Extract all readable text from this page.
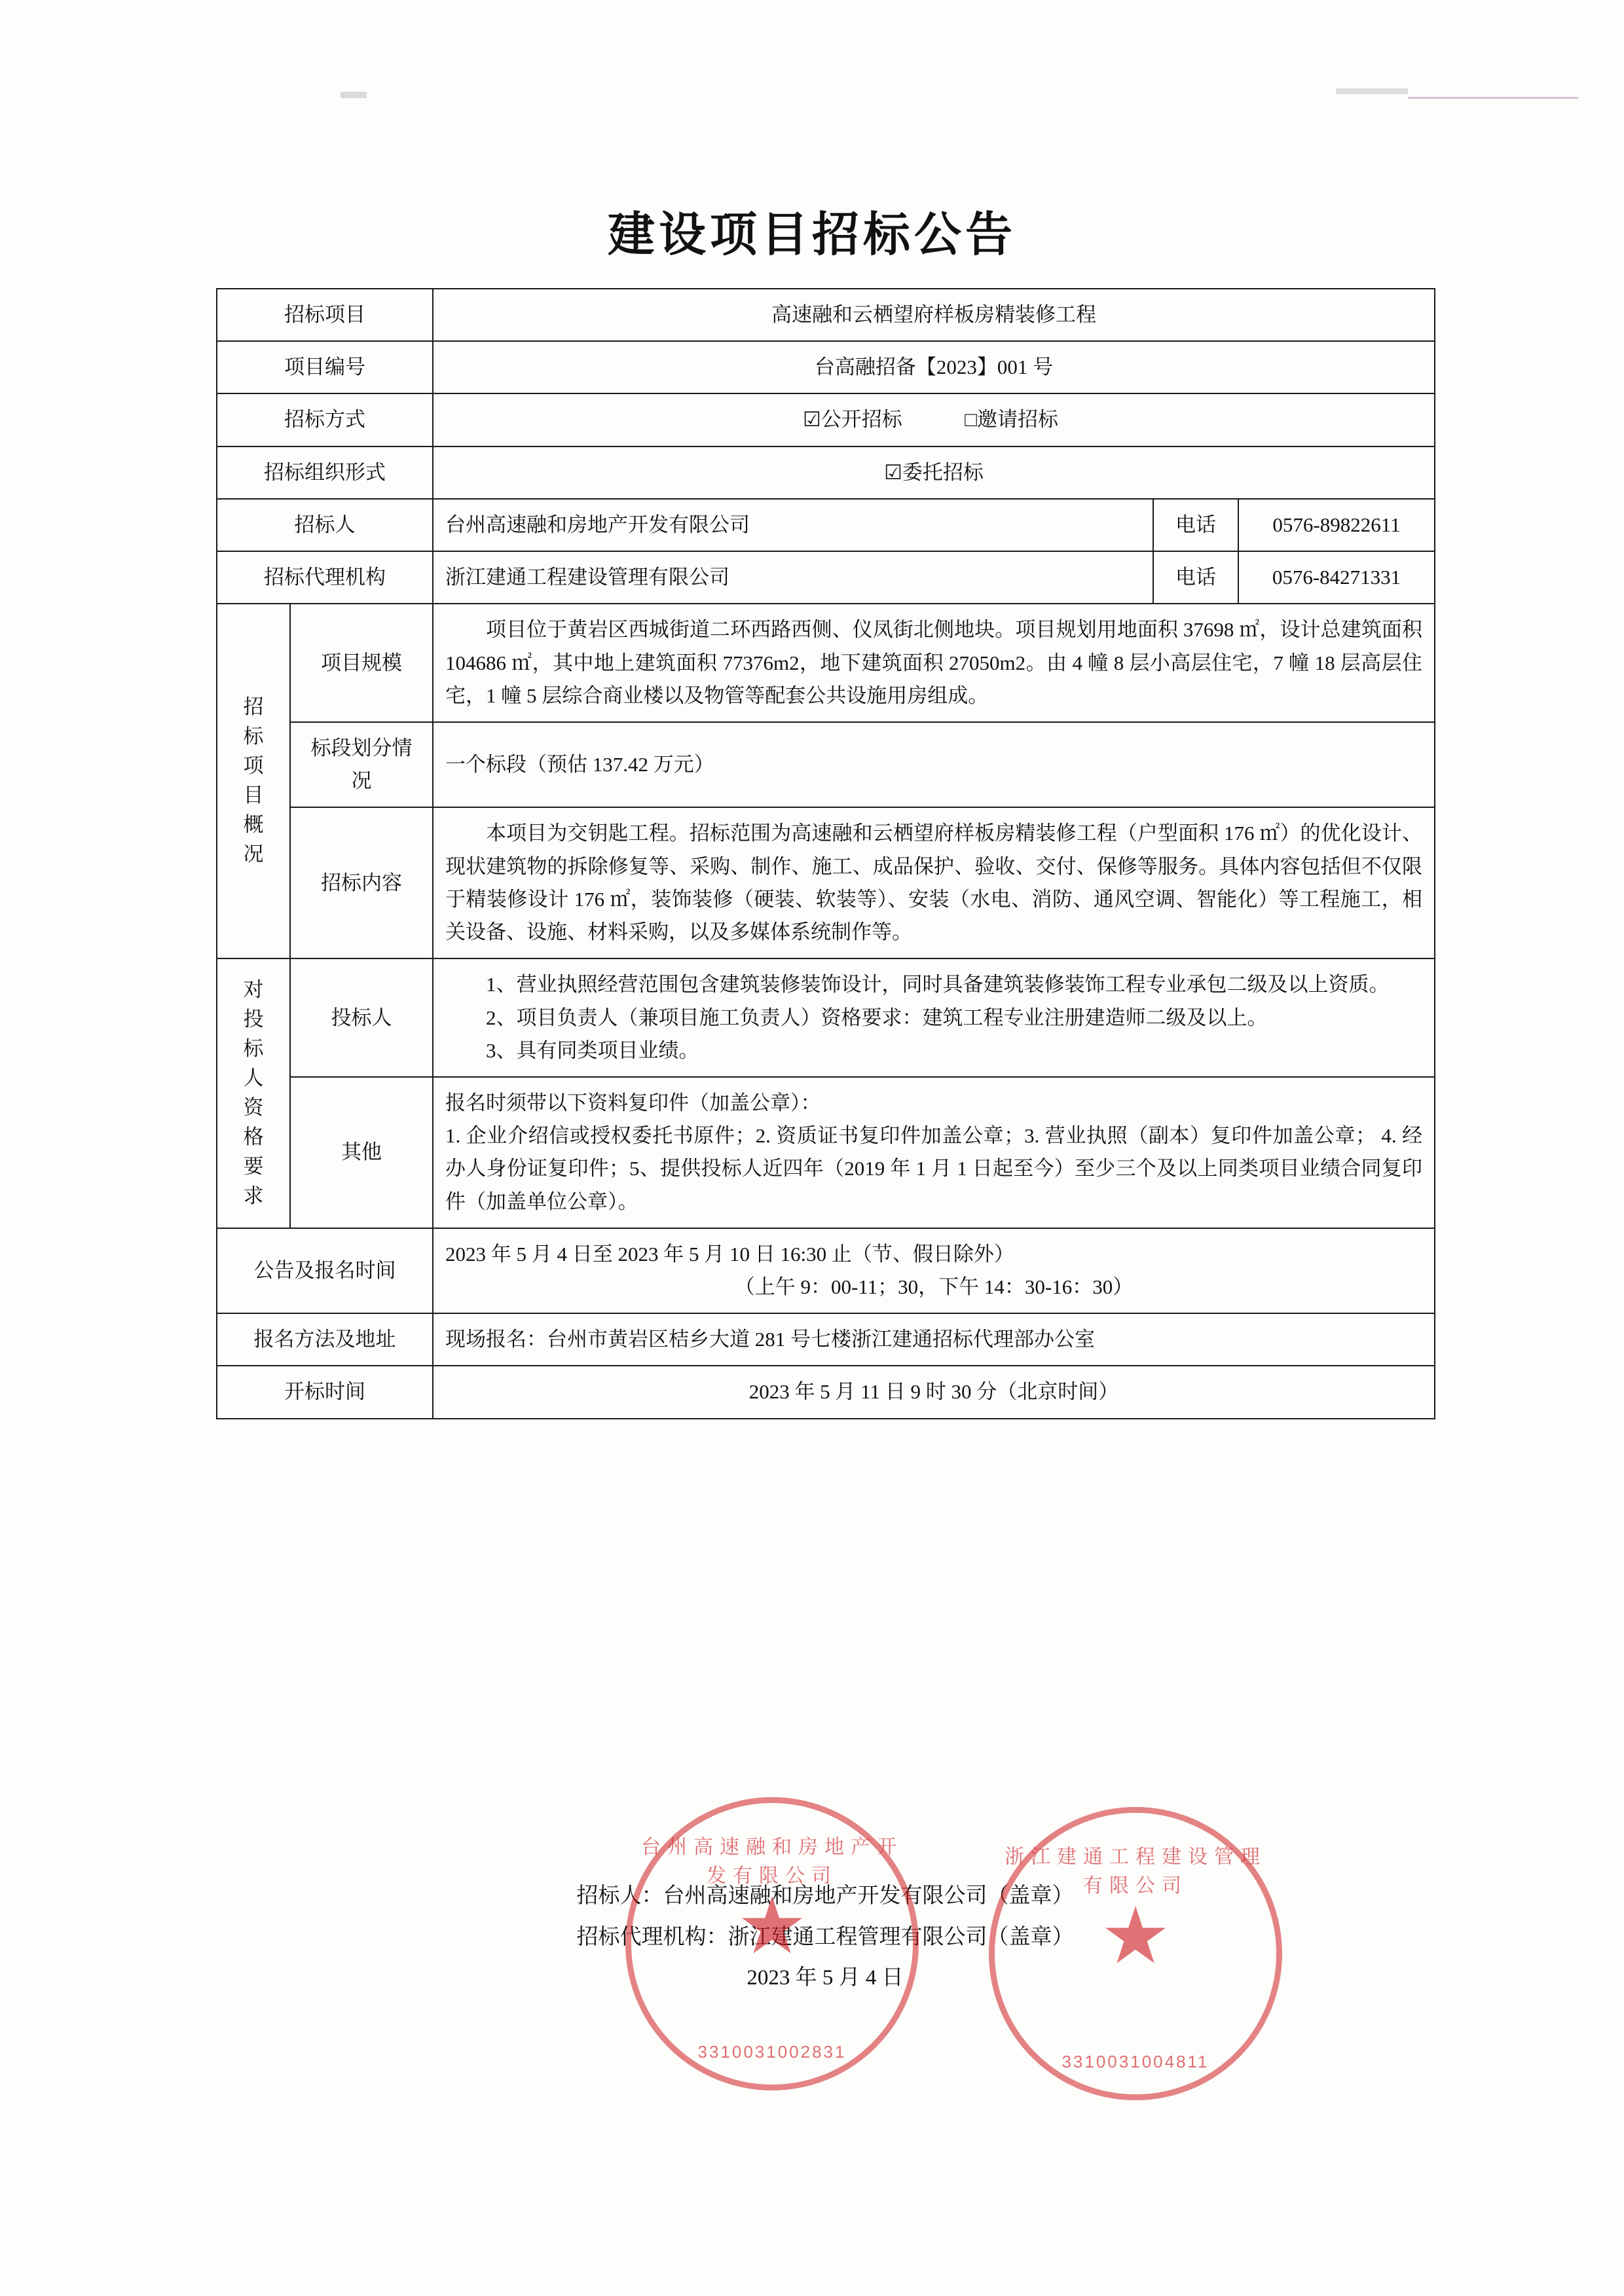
建设项目招标公告
招标项目		高速融和云栖望府样板房精装修工程		
项目编号		台高融招备【2023】001 号		
招标方式		☑公开招标 □邀请招标		
招标组织形式		☑委托招标		
招标人		台州高速融和房地产开发有限公司	电话	0576-89822611
招标代理机构		浙江建通工程建设管理有限公司	电话	0576-84271331

招标项目概况	项目规模	项目位于黄岩区西城街道二环西路西侧、仪凤街北侧地块。项目规划用地面积 37698 ㎡，设计总建筑面积 104686 ㎡，其中地上建筑面积 77376m2，地下建筑面积 27050m2。由 4 幢 8 层小高层住宅，7 幢 18 层高层住宅，1 幢 5 层综合商业楼以及物管等配套公共设施用房组成。		

	标段划分情况	一个标段（预估 137.42 万元）		
	招标内容	本项目为交钥匙工程。招标范围为高速融和云栖望府样板房精装修工程（户型面积 176 ㎡）的优化设计、现状建筑物的拆除修复等、采购、制作、施工、成品保护、验收、交付、保修等服务。具体内容包括但不仅限于精装修设计 176 ㎡，装饰装修（硬装、软装等）、安装（水电、消防、通风空调、智能化）等工程施工，相关设备、设施、材料采购，以及多媒体系统制作等。		

对投标人资格要求	投标人	1、营业执照经营范围包含建筑装修装饰设计，同时具备建筑装修装饰工程专业承包二级及以上资质。
2、项目负责人（兼项目施工负责人）资格要求：建筑工程专业注册建造师二级及以上。
3、具有同类项目业绩。		

	其他	报名时须带以下资料复印件（加盖公章）：
1. 企业介绍信或授权委托书原件；2. 资质证书复印件加盖公章；3. 营业执照（副本）复印件加盖公章； 4. 经办人身份证复印件；5、提供投标人近四年（2019 年 1 月 1 日起至今）至少三个及以上同类项目业绩合同复印件（加盖单位公章）。		

公告及报名时间		2023 年 5 月 4 日至 2023 年 5 月 10 日 16:30 止（节、假日除外）
（上午 9：00-11；30，下午 14：30-16：30）		

报名方法及地址		现场报名：台州市黄岩区桔乡大道 281 号七楼浙江建通招标代理部办公室		
开标时间		2023 年 5 月 11 日 9 时 30 分（北京时间）		
招标人：台州高速融和房地产开发有限公司（盖章）
招标代理机构：浙江建通工程管理有限公司（盖章）
2023 年 5 月 4 日
台州高速融和房地产开发有限公司
★
3310031002831
浙江建通工程建设管理有限公司
★
3310031004811
